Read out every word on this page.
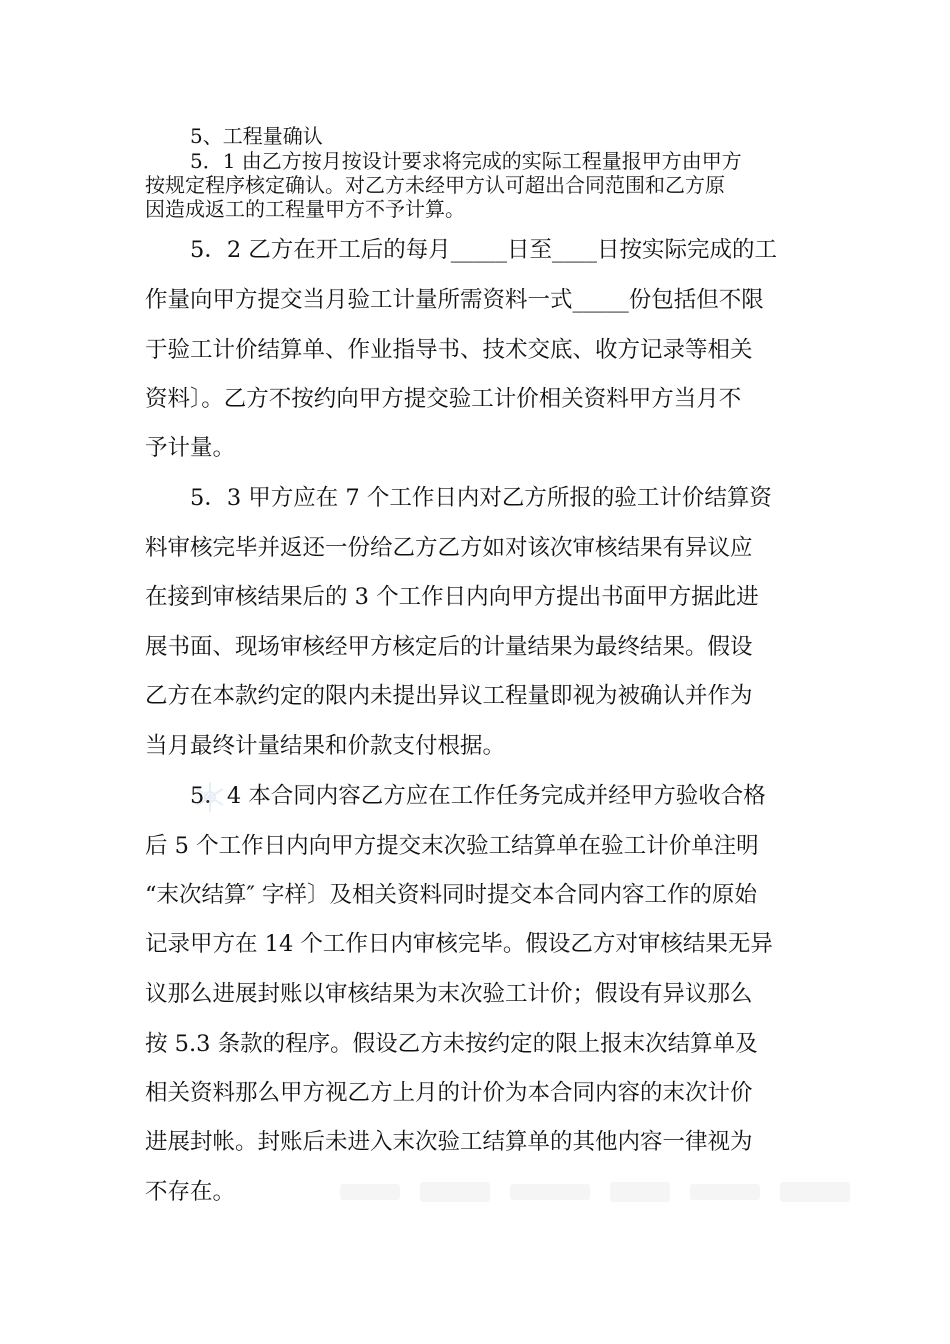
5、工程量确认
5．1 由乙方按月按设计要求将完成的实际工程量报甲方由甲方
按规定程序核定确认。对乙方未经甲方认可超出合同范围和乙方原
因造成返工的工程量甲方不予计算。
5．2 乙方在开工后的每月_____日至____日按实际完成的工
作量向甲方提交当月验工计量所需资料一式_____份包括但不限
于验工计价结算单、作业指导书、技术交底、收方记录等相关
资料〕。乙方不按约向甲方提交验工计价相关资料甲方当月不
予计量。
5．3 甲方应在 7 个工作日内对乙方所报的验工计价结算资
料审核完毕并返还一份给乙方乙方如对该次审核结果有异议应
在接到审核结果后的 3 个工作日内向甲方提出书面甲方据此进
展书面、现场审核经甲方核定后的计量结果为最终结果。假设
乙方在本款约定的限内未提出异议工程量即视为被确认并作为
当月最终计量结果和价款支付根据。
5．4 本合同内容乙方应在工作任务完成并经甲方验收合格
后 5 个工作日内向甲方提交末次验工结算单在验工计价单注明
“末次结算″ 字样〕及相关资料同时提交本合同内容工作的原始
记录甲方在 14 个工作日内审核完毕。假设乙方对审核结果无异
议那么进展封账以审核结果为末次验工计价；假设有异议那么
按 5.3 条款的程序。假设乙方未按约定的限上报末次结算单及
相关资料那么甲方视乙方上月的计价为本合同内容的末次计价
进展封帐。封账后未进入末次验工结算单的其他内容一律视为
不存在。
